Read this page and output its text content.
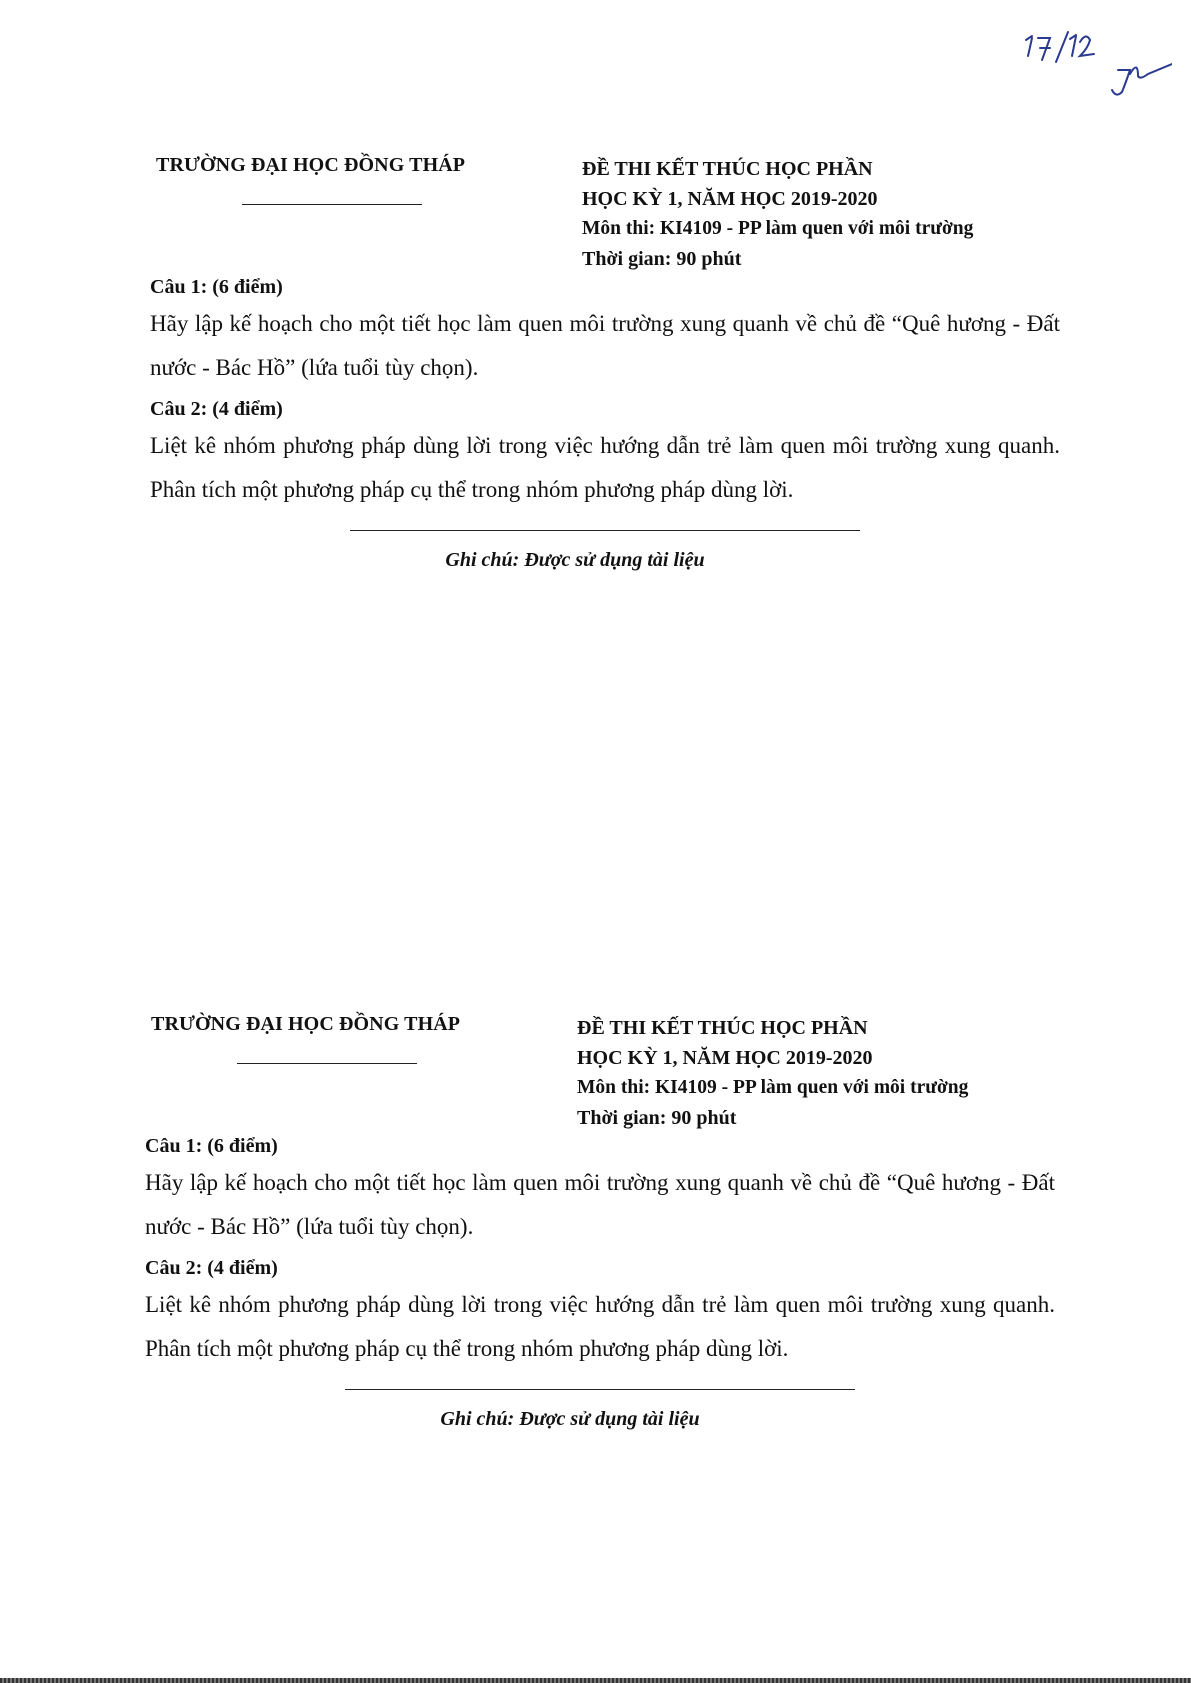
TRƯỜNG ĐẠI HỌC ĐỒNG THÁP	ĐỀ THI KẾT THÚC HỌC PHẦN
HỌC KỲ 1, NĂM HỌC 2019-2020
Môn thi: KI4109 - PP làm quen với môi trường
Thời gian: 90 phút

Câu 1: (6 điểm)

Hãy lập kế hoạch cho một tiết học làm quen môi trường xung quanh về chủ đề “Quê hương - Đất nước - Bác Hồ” (lứa tuổi tùy chọn).

Câu 2: (4 điểm)

Liệt kê nhóm phương pháp dùng lời trong việc hướng dẫn trẻ làm quen môi trường xung quanh. Phân tích một phương pháp cụ thể trong nhóm phương pháp dùng lời.

Ghi chú: Được sử dụng tài liệu
TRƯỜNG ĐẠI HỌC ĐỒNG THÁP	ĐỀ THI KẾT THÚC HỌC PHẦN
HỌC KỲ 1, NĂM HỌC 2019-2020
Môn thi: KI4109 - PP làm quen với môi trường
Thời gian: 90 phút

Câu 1: (6 điểm)

Hãy lập kế hoạch cho một tiết học làm quen môi trường xung quanh về chủ đề “Quê hương - Đất nước - Bác Hồ” (lứa tuổi tùy chọn).

Câu 2: (4 điểm)

Liệt kê nhóm phương pháp dùng lời trong việc hướng dẫn trẻ làm quen môi trường xung quanh. Phân tích một phương pháp cụ thể trong nhóm phương pháp dùng lời.

Ghi chú: Được sử dụng tài liệu
